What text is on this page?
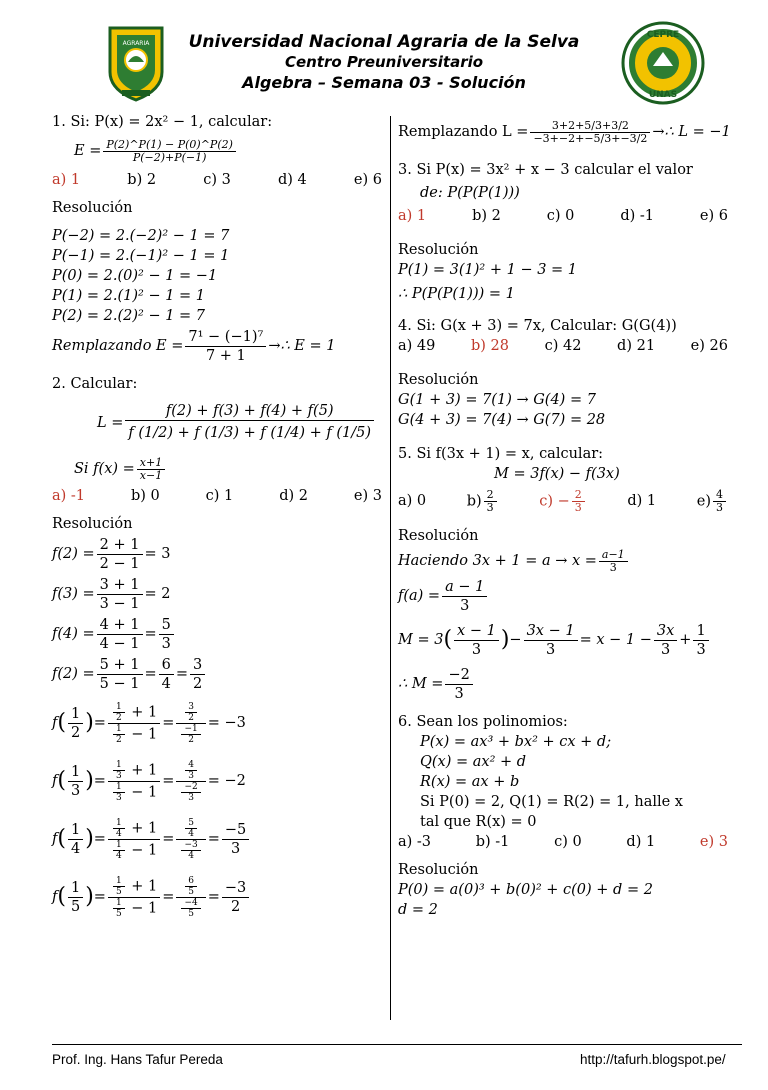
AGRARIA	Universidad Nacional Agraria de la Selva
Centro Preuniversitario
Algebra – Semana 03 - Solución
CEPRE
UNAS
1. Si: P(x) = 2x² − 1, calcular:
$E = \frac{P(2)\^{}P(1) - P(0)\^{}P(2)}{P(-2)+P(-1)}$
a) 1	b) 2	c) 3	d) 4	e) 6
Resolución
P(−2) = 2.(−2)² − 1 = 7
P(−1) = 2.(−1)² − 1 = 1
P(0) = 2.(0)² − 1 = −1
P(1) = 2.(1)² − 1 = 1
P(2) = 2.(2)² − 1 = 7
Remplazando $E = \frac{\text{7¹ − (−1)⁷}}{7 + 1}$ →∴ E = 1
2. Calcular:
$L = \frac{f(2) + f(3) + f(4) + f(5)}{f (1/2) + f (1/3) + f (1/4) + f (1/5)}$
Si $f(x) = \frac{x+1}{x-1}$
a) -1	b) 0	c) 1	d) 2	e) 3
Resolución
$f(2) = \frac{2 + 1}{2 - 1} = 3$
$f(3) = \frac{3 + 1}{3 - 1} = 2$
$f(4) = \frac{4 + 1}{4 - 1} = \frac{5}{3}$
$f(2) = \frac{5 + 1}{5 - 1} = \frac{6}{4} = \frac{3}{2}$
f ( $\frac{1}{2}$ ) = $\frac{\frac{1}{2} + 1}{\frac{1}{2} - 1} = \frac{\frac{3}{2}}{\frac{-1}{2}} = -3$
f ( $\frac{1}{3}$ ) = $\frac{\frac{1}{3} + 1}{\frac{1}{3} - 1} = \frac{\frac{4}{3}}{\frac{-2}{3}} = -2$
f ( $\frac{1}{4}$ ) = $\frac{\frac{1}{4} + 1}{\frac{1}{4} - 1} = \frac{\frac{5}{4}}{\frac{-3}{4}} = \frac{-5}{3}$
f ( $\frac{1}{5}$ ) = $\frac{\frac{1}{5} + 1}{\frac{1}{5} - 1} = \frac{\frac{6}{5}}{\frac{-4}{5}} = \frac{-3}{2}$
Remplazando $L = \frac{3+2+5/3+3/2}{-3+-2+-5/3+-3/2}$ →∴ L = −1
3. Si P(x) = 3x² + x − 3 calcular el valor
de: P(P(P(1)))
a) 1	b) 2	c) 0	d) -1	e) 6
Resolución
P(1) = 3(1)² + 1 − 3 = 1
∴ P(P(P(1))) = 1
4. Si: G(x + 3) = 7x, Calcular: G(G(4))
a) 49 b) 28 c) 42 d) 21 e) 26
Resolución
G(1 + 3) = 7(1) → G(4) = 7
G(4 + 3) = 7(4) → G(7) = 28
5. Si f(3x + 1) = x, calcular:
M = 3f(x) − f(3x)
a) 0	$b) \frac{2}{3}$	$c) - \frac{2}{3}$	d) 1	$e) \frac{4}{3}$
Resolución
Haciendo $3x + 1 = a \to x = \frac{a-1}{3}$
$f(a) = \frac{a - 1}{3}$
M = 3 ( $\frac{x - 1}{3}$ ) − $\frac{3x - 1}{3} = x - 1 - \frac{3x}{3} + \frac{1}{3}$
∴ $M = \frac{-2}{3}$
6. Sean los polinomios:
P(x) = ax³ + bx² + cx + d;
Q(x) = ax² + d
R(x) = ax + b
Si P(0) = 2, Q(1) = R(2) = 1, halle x
tal que R(x) = 0
a) -3	b) -1	c) 0	d) 1	e) 3
Resolución
P(0) = a(0)³ + b(0)² + c(0) + d = 2
d = 2
Prof. Ing. Hans Tafur Pereda	http://tafurh.blogspot.pe/
